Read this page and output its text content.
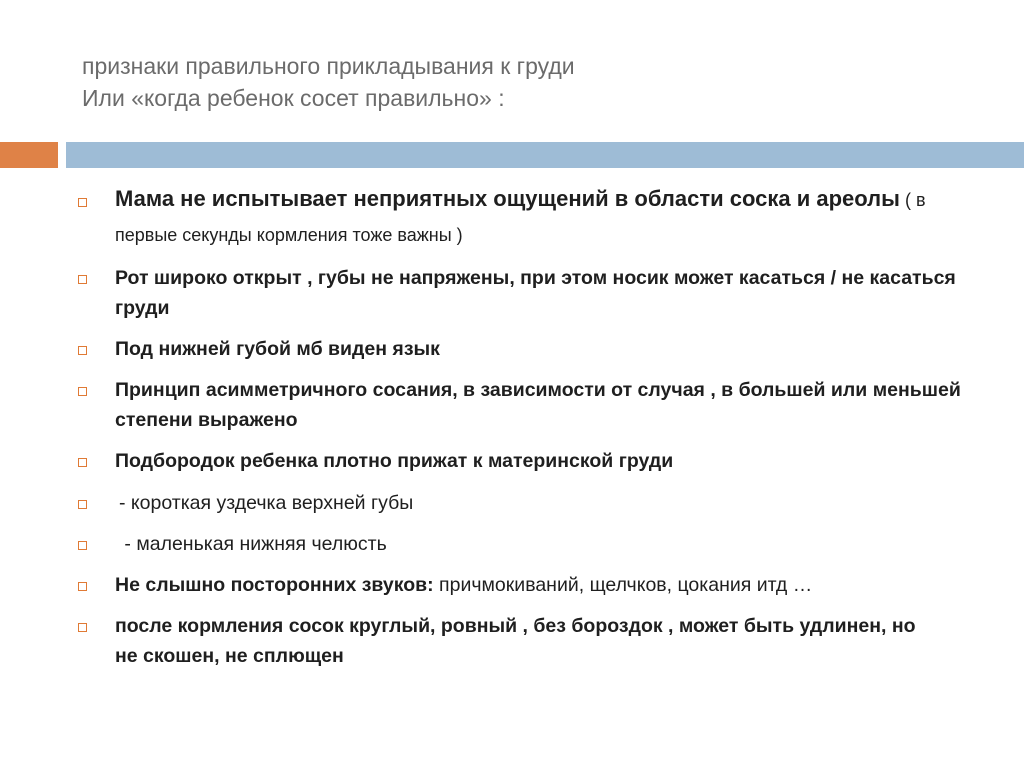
признаки правильного прикладывания к груди
Или «когда ребенок сосет правильно» :
Мама не испытывает неприятных ощущений в области соска и ареолы ( в первые секунды кормления тоже важны )
Рот широко открыт , губы не напряжены, при этом носик может касаться / не касаться груди
Под нижней губой мб виден язык
Принцип асимметричного сосания, в зависимости от случая , в большей или меньшей степени выражено
Подбородок ребенка плотно прижат к материнской груди
- короткая уздечка верхней губы
- маленькая нижняя челюсть
Не слышно посторонних звуков: причмокиваний, щелчков, цокания итд …
после кормления сосок круглый, ровный , без бороздок , может быть удлинен, но не скошен, не сплющен
